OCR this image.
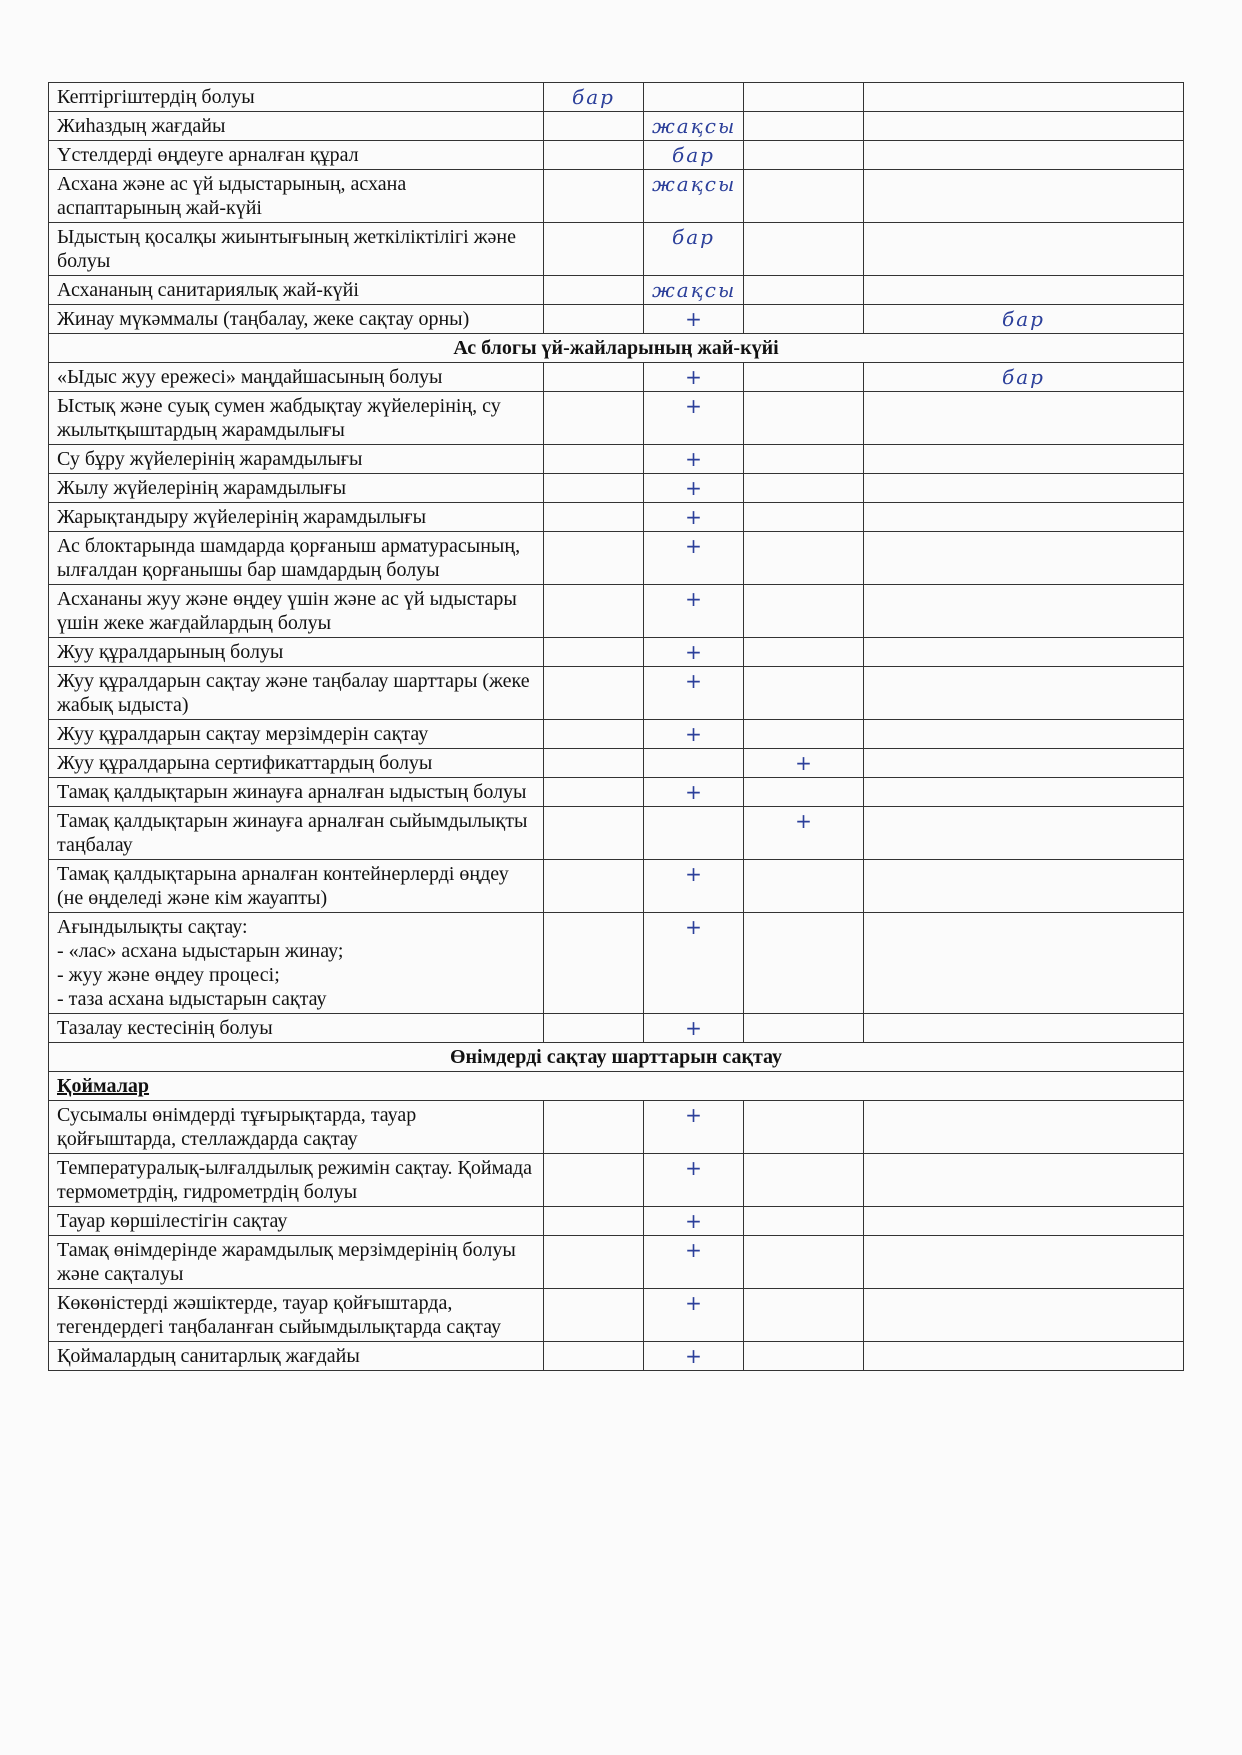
Кептіргіштердің болуы	бар			
Жиһаздың жағдайы		жақсы		
Үстелдерді өңдеуге арналған құрал		бар		
Асхана және ас үй ыдыстарының, асхана аспаптарының жай-күйі		жақсы		
Ыдыстың қосалқы жиынтығының жеткіліктілігі және болуы		бар		
Асхананың санитариялық жай-күйі		жақсы		
Жинау мүкәммалы (таңбалау, жеке сақтау орны)		+		бар
Ас блогы үй-жайларының жай-күйі				
«Ыдыс жуу ережесі» маңдайшасының болуы		+		бар
Ыстық және суық сумен жабдықтау жүйелерінің, су жылытқыштардың жарамдылығы		+		
Су бұру жүйелерінің жарамдылығы		+		
Жылу жүйелерінің жарамдылығы		+		
Жарықтандыру жүйелерінің жарамдылығы		+		
Ас блоктарында шамдарда қорғаныш арматурасының, ылғалдан қорғанышы бар шамдардың болуы		+		
Асхананы жуу және өңдеу үшін және ас үй ыдыстары үшін жеке жағдайлардың болуы		+		
Жуу құралдарының болуы		+		
Жуу құралдарын сақтау және таңбалау шарттары (жеке жабық ыдыста)		+		
Жуу құралдарын сақтау мерзімдерін сақтау		+		
Жуу құралдарына сертификаттардың болуы			+	
Тамақ қалдықтарын жинауға арналған ыдыстың болуы		+		
Тамақ қалдықтарын жинауға арналған сыйымдылықты таңбалау			+	
Тамақ қалдықтарына арналған контейнерлерді өңдеу (не өңделеді және кім жауапты)		+		
Ағындылықты сақтау:
- «лас» асхана ыдыстарын жинау;
- жуу және өңдеу процесі;
- таза асхана ыдыстарын сақтау		+		
Тазалау кестесінің болуы		+		
Өнімдерді сақтау шарттарын сақтау				
Қоймалар				
Сусымалы өнімдерді тұғырықтарда, тауар қойғыштарда, стеллаждарда сақтау		+		
Температуралық-ылғалдылық режимін сақтау. Қоймада термометрдің, гидрометрдің болуы		+		
Тауар көршілестігін сақтау		+		
Тамақ өнімдерінде жарамдылық мерзімдерінің болуы және сақталуы		+		
Көкөністерді жәшіктерде, тауар қойғыштарда, тегендердегі таңбаланған сыйымдылықтарда сақтау		+		
Қоймалардың санитарлық жағдайы		+		
